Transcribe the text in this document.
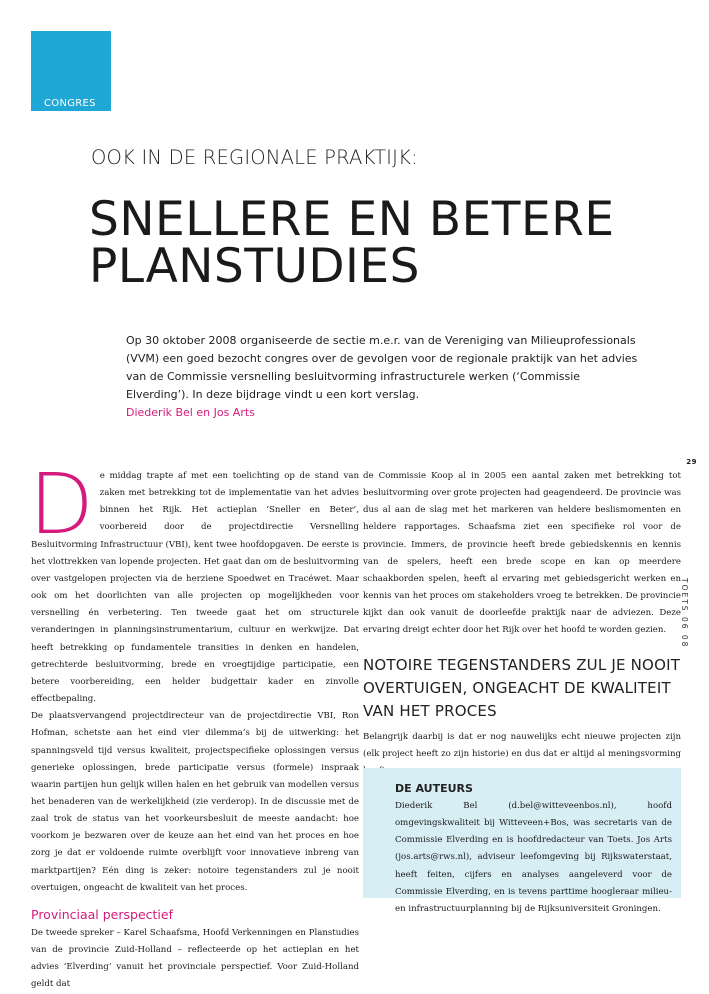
CONGRES
OOK IN DE REGIONALE PRAKTIJK:
SNELLERE EN BETERE
PLANSTUDIES
Op 30 oktober 2008 organiseerde de sectie m.e.r. van de Vereniging van Milieuprofessionals (VVM) een goed bezocht congres over de gevolgen voor de regionale praktijk van het advies van de Commissie versnelling besluitvorming infrastructurele werken (‘Commissie Elverding’). In deze bijdrage vindt u een kort verslag.
Diederik Bel en Jos Arts
29
TOETS 06 08

De middag trapte af met een toelichting op de stand van zaken met betrekking tot de implementatie van het advies binnen het Rijk. Het actieplan ‘Sneller en Beter’, voorbereid door de projectdirectie Versnelling Besluitvorming Infrastructuur (VBI), kent twee hoofdopgaven. De eerste is het vlottrekken van lopende projecten. Het gaat dan om de besluitvorming over vastgelopen projecten via de herziene Spoedwet en Tracéwet. Maar ook om het doorlichten van alle projecten op mogelijkheden voor versnelling én verbetering. Ten tweede gaat het om structurele veranderingen in planningsinstrumentarium, cultuur en werkwijze. Dat heeft betrekking op fundamentele transities in denken en handelen, getrechterde besluitvorming, brede en vroegtijdige participatie, een betere voorbereiding, een helder budgettair kader en zinvolle effectbepaling.

De plaatsvervangend projectdirecteur van de projectdirectie VBI, Ron Hofman, schetste aan het eind vier dilemma’s bij de uitwerking: het spanningsveld tijd versus kwaliteit, projectspecifieke oplossingen versus generieke oplossingen, brede participatie versus (formele) inspraak waarin partijen hun gelijk willen halen en het gebruik van modellen versus het benaderen van de werkelijkheid (zie verderop). In de discussie met de zaal trok de status van het voorkeursbesluit de meeste aandacht: hoe voorkom je bezwaren over de keuze aan het eind van het proces en hoe zorg je dat er voldoende ruimte overblijft voor innovatieve inbreng van marktpartijen? Eén ding is zeker: notoire tegenstanders zul je nooit overtuigen, ongeacht de kwaliteit van het proces.

Provinciaal perspectief

De tweede spreker – Karel Schaafsma, Hoofd Verkenningen en Planstudies van de provincie Zuid-Holland – reflecteerde op het actieplan en het advies ‘Elverding’ vanuit het provinciale perspectief. Voor Zuid-Holland geldt dat

de Commissie Koop al in 2005 een aantal zaken met betrekking tot besluitvorming over grote projecten had geagendeerd. De provincie was dus al aan de slag met het markeren van heldere beslismomenten en heldere rapportages. Schaafsma ziet een specifieke rol voor de provincie. Immers, de provincie heeft brede gebiedskennis en kennis van de spelers, heeft een brede scope en kan op meerdere schaakborden spelen, heeft al ervaring met gebiedsgericht werken en kennis van het proces om stakeholders vroeg te betrekken. De provincie kijkt dan ook vanuit de doorleefde praktijk naar de adviezen. Deze ervaring dreigt echter door het Rijk over het hoofd te worden gezien.

NOTOIRE TEGENSTANDERS ZUL JE NOOIT OVERTUIGEN, ONGEACHT DE KWALITEIT VAN HET PROCES

Belangrijk daarbij is dat er nog nauwelijks echt nieuwe projecten zijn (elk project heeft zo zijn historie) en dus dat er altijd al meningsvorming

DE AUTEURS

Diederik Bel (d.bel@witteveenbos.nl), hoofd omgevingskwaliteit bij Witteveen+Bos, was secretaris van de Commissie Elverding en is hoofdredacteur van Toets. Jos Arts (jos.arts@rws.nl), adviseur leefomgeving bij Rijkswaterstaat, heeft feiten, cijfers en analyses aangeleverd voor de Commissie Elverding, en is tevens parttime hoogleraar milieu- en infrastructuurplanning bij de Rijksuniversiteit Groningen.
